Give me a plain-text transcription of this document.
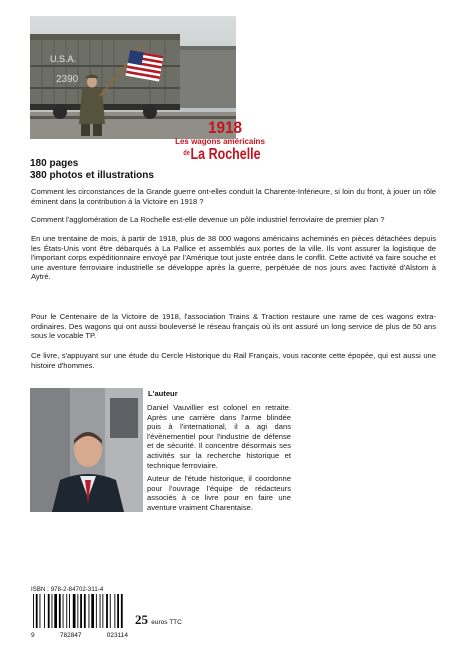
U.S.A.
2390
1918
Les wagons américains
$^{de}$La Rochelle
180 pages
380 photos et illustrations
Comment les circonstances de la Grande guerre ont-elles conduit la Charente-Inférieure, si loin du front, à jouer un rôle éminent dans la contribution à la Victoire en 1918 ?
Comment l'agglomération de La Rochelle est-elle devenue un pôle industriel ferroviaire de premier plan ?
En une trentaine de mois, à partir de 1918, plus de 38 000 wagons américains acheminés en pièces détachées depuis les États-Unis vont être débarqués à La Pallice et assemblés aux portes de la ville. Ils vont assurer la logistique de l'important corps expéditionnaire envoyé par l'Amérique tout juste entrée dans le conflit. Cette activité va faire souche et une aventure ferroviaire industrielle se développe après la guerre, perpétuée de nos jours avec l'activité d'Alstom à Aytré.
Pour le Centenaire de la Victoire de 1918, l'association Trains & Traction restaure une rame de ces wagons extra-ordinaires. Des wagons qui ont aussi bouleversé le réseau français où ils ont assuré un long service de plus de 50 ans sous le vocable TP.
Ce livre, s'appuyant sur une étude du Cercle Historique du Rail Français, vous raconte cette épopée, qui est aussi une histoire d'hommes.
L'auteur
Daniel Vauvillier est colonel en retraite. Après une carrière dans l'arme blindée puis à l'international, il a agi dans l'évènementiel pour l'industrie de défense et de sécurité. Il concentre désormais ses activités sur la recherche historique et technique ferroviaire.
Auteur de l'étude historique, il coordonne pour l'ouvrage l'équipe de rédacteurs associés à ce livre pour en faire une aventure vraiment Charentaise.
ISBN : 978-2-84702-311-4
9	782847	023114
25 euros TTC
